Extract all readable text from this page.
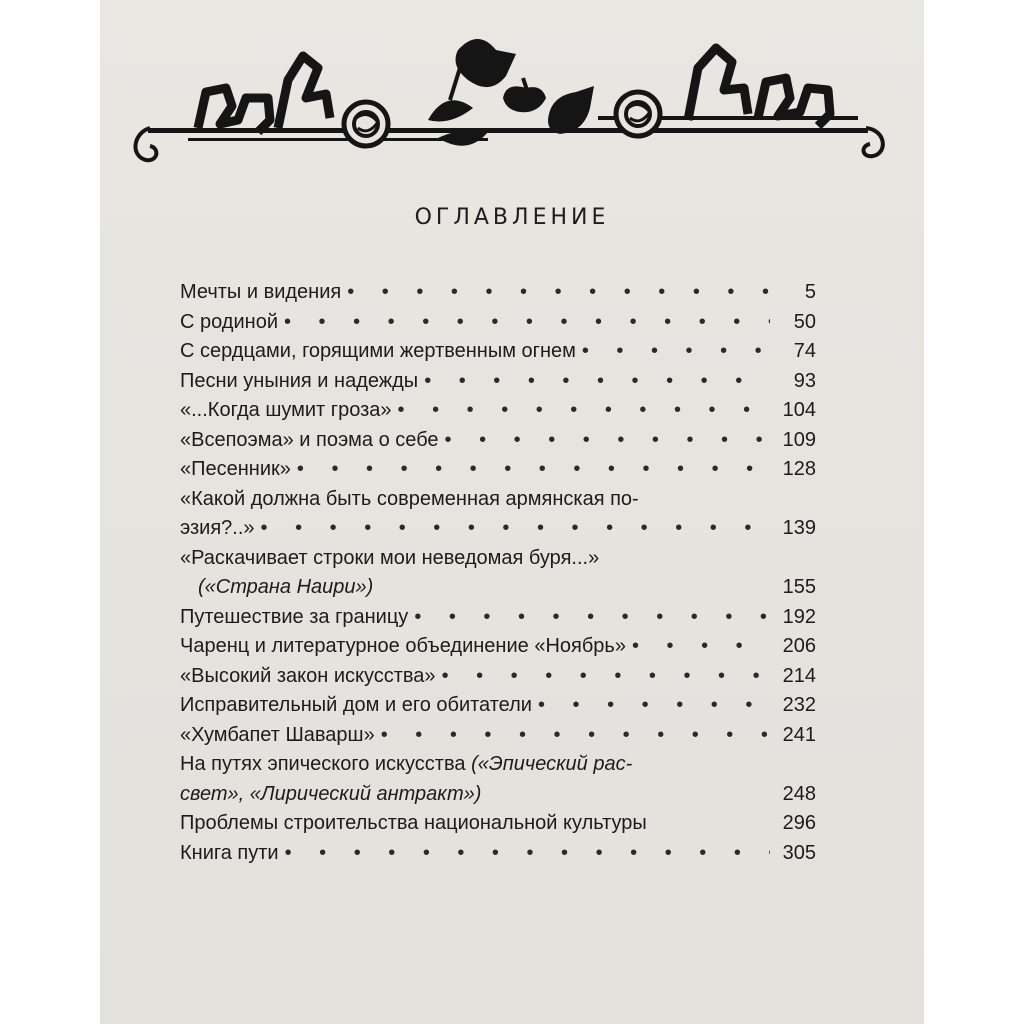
ОГЛАВЛЕНИЕ
Мечты и видения • • •	5
С родиной • • •	50
С сердцами, горящими жертвенным огнем • • •	74
Песни уныния и надежды • • •	93
«...Когда шумит гроза» • • •	104
«Всепоэма» и поэма о себе • • •	109
«Песенник» • • •	128
«Какой должна быть современная армянская по-
эзия?..» • • •	139
«Раскачивает строки мои неведомая буря...»
(«Страна Наири»)	155
Путешествие за границу • • •	192
Чаренц и литературное объединение «Ноябрь» • • •	206
«Высокий закон искусства» • • •	214
Исправительный дом и его обитатели • • •	232
«Хумбапет Шаварш» • • •	241
На путях эпического искусства («Эпический рас-
свет», «Лирический антракт»)	248
Проблемы строительства национальной культуры	296
Книга пути • • •	305
